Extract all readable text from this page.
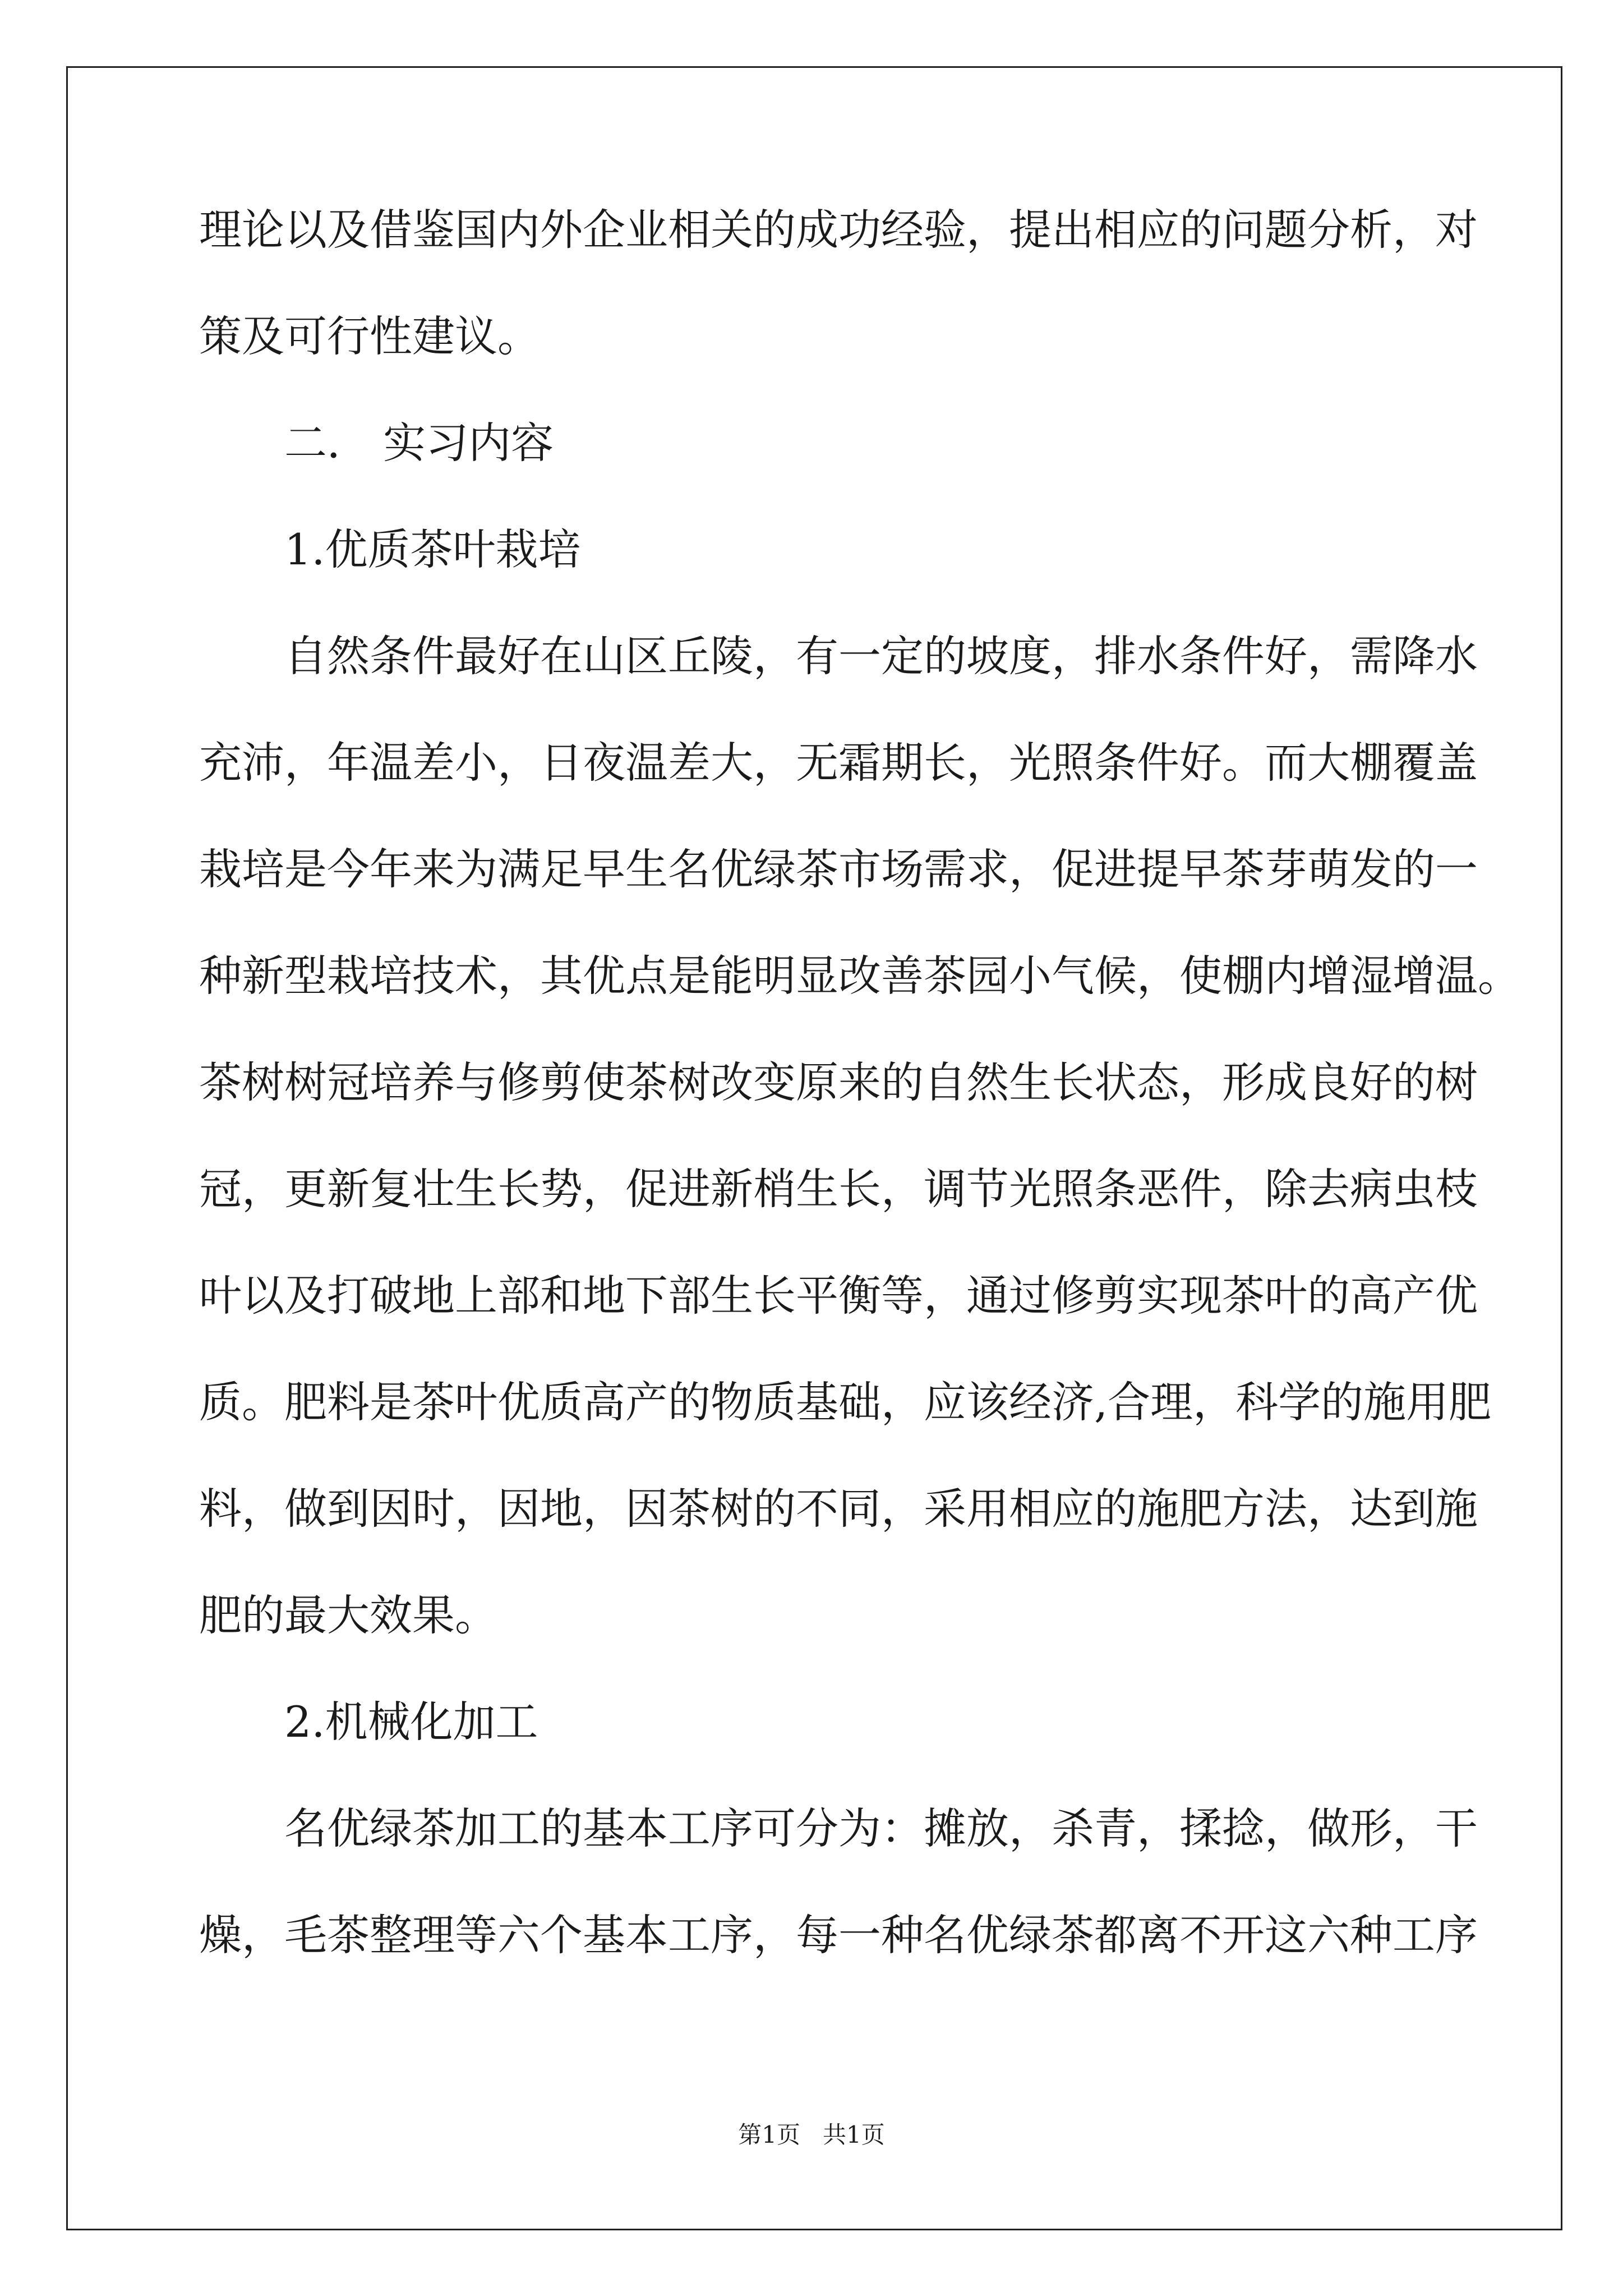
理论以及借鉴国内外企业相关的成功经验，提出相应的问题分析，对
策及可行性建议。
二． 实习内容
1.优质茶叶栽培
自然条件最好在山区丘陵，有一定的坡度，排水条件好，需降水
充沛，年温差小，日夜温差大，无霜期长，光照条件好。而大棚覆盖
栽培是今年来为满足早生名优绿茶市场需求，促进提早茶芽萌发的一
种新型栽培技术，其优点是能明显改善茶园小气候，使棚内增湿增温。
茶树树冠培养与修剪使茶树改变原来的自然生长状态，形成良好的树
冠，更新复壮生长势，促进新梢生长，调节光照条恶件，除去病虫枝
叶以及打破地上部和地下部生长平衡等，通过修剪实现茶叶的高产优
质。肥料是茶叶优质高产的物质基础，应该经济,合理，科学的施用肥
料，做到因时，因地，因茶树的不同，采用相应的施肥方法，达到施
肥的最大效果。
2.机械化加工
名优绿茶加工的基本工序可分为：摊放，杀青，揉捻，做形，干
燥，毛茶整理等六个基本工序，每一种名优绿茶都离不开这六种工序
第1页   共1页
